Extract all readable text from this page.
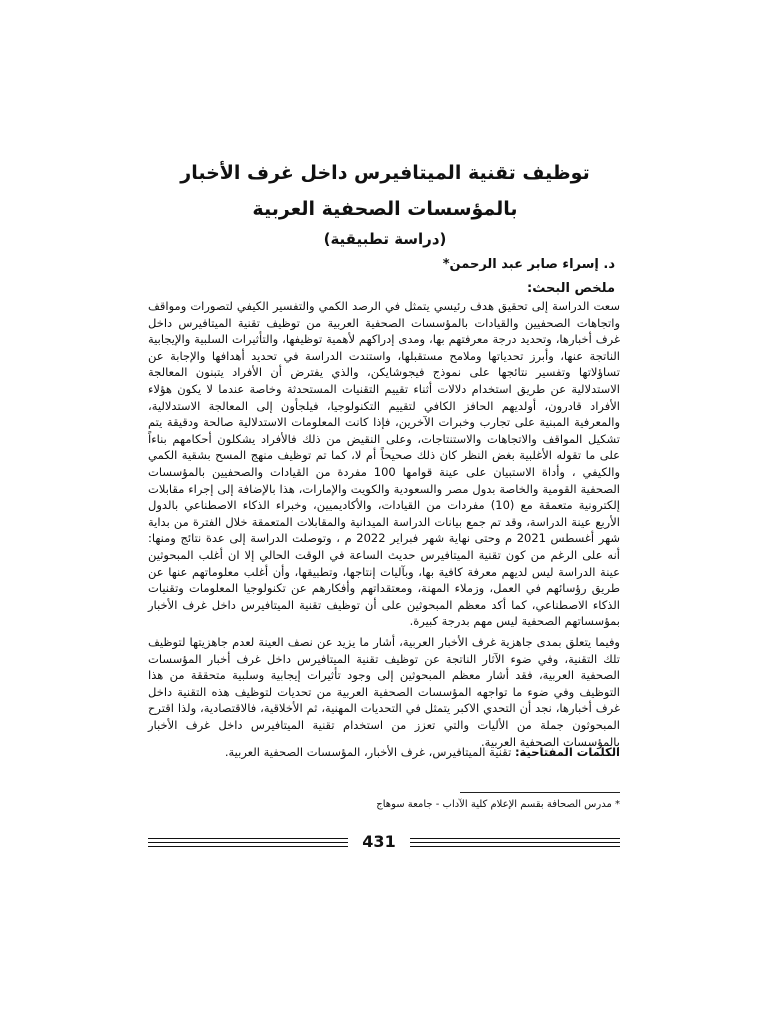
توظيف تقنية الميتافيرس داخل غرف الأخبار
بالمؤسسات الصحفية العربية
(دراسة تطبيقية)
د. إسراء صابر عبد الرحمن*
ملخص البحث:

سعت الدراسة إلى تحقيق هدف رئيسي يتمثل في الرصد الكمي والتفسير الكيفي لتصورات ومواقف واتجاهات الصحفيين والقيادات بالمؤسسات الصحفية العربية من توظيف تقنية الميتافيرس داخل غرف أخبارها، وتحديد درجة معرفتهم بها، ومدى إدراكهم لأهمية توظيفها، والتأثيرات السلبية والإيجابية الناتجة عنها، وأبرز تحدياتها وملامح مستقبلها، واستندت الدراسة في تحديد أهدافها والإجابة عن تساؤلاتها وتفسير نتائجها على نموذج فيجوشايكن، والذي يفترض أن الأفراد يتبنون المعالجة الاستدلالية عن طريق استخدام دلالات أثناء تقييم التقنيات المستحدثة وخاصة عندما لا يكون هؤلاء الأفراد قادرون، أولديهم الحافز الكافي لتقييم التكنولوجيا، فيلجأون إلى المعالجة الاستدلالية، والمعرفية المبنية على تجارب وخبرات الآخرين، فإذا كانت المعلومات الاستدلالية صالحة ودقيقة يتم تشكيل المواقف والاتجاهات والاستنتاجات، وعلى النقيض من ذلك فالأفراد يشكلون أحكامهم بناءاً على ما تقوله الأغلبية بغض النظر كان ذلك صحيحاً أم لا، كما تم توظيف منهج المسح بشقية الكمي والكيفي ، وأداة الاستبيان على عينة قوامها 100 مفردة من القيادات والصحفيين بالمؤسسات الصحفية القومية والخاصة بدول مصر والسعودية والكويت والإمارات، هذا بالإضافة إلى إجراء مقابلات إلكترونية متعمقة مع (10) مفردات من القيادات، والأكاديميين، وخبراء الذكاء الاصطناعي بالدول الأربع عينة الدراسة، وقد تم جمع بيانات الدراسة الميدانية والمقابلات المتعمقة خلال الفترة من بداية شهر أغسطس 2021 م وحتى نهاية شهر فبراير 2022 م ، وتوصلت الدراسة إلى عدة نتائج ومنها: أنه على الرغم من كون تقنية الميتافيرس حديث الساعة في الوقت الحالي إلا ان أغلب المبحوثين عينة الدراسة ليس لديهم معرفة كافية بها، وبآليات إنتاجها، وتطبيقها، وأن أغلب معلوماتهم عنها عن طريق رؤسائهم في العمل، وزملاء المهنة، ومعتقداتهم وأفكارهم عن تكنولوجيا المعلومات وتقنيات الذكاء الاصطناعي، كما أكد معظم المبحوثين على أن توظيف تقنية الميتافيرس داخل غرف الأخبار بمؤسساتهم الصحفية ليس مهم بدرجة كبيرة.

وفيما يتعلق بمدى جاهزية غرف الأخبار العربية، أشار ما يزيد عن نصف العينة لعدم جاهزيتها لتوظيف تلك التقنية، وفي ضوء الآثار الناتجة عن توظيف تقنية الميتافيرس داخل غرف أخبار المؤسسات الصحفية العربية، فقد أشار معظم المبحوثين إلى وجود تأثيرات إيجابية وسلبية متحققة من هذا التوظيف وفي ضوء ما تواجهه المؤسسات الصحفية العربية من تحديات لتوظيف هذه التقنية داخل غرف أخبارها، نجد أن التحدي الاكبر يتمثل في التحديات المهنية، ثم الأخلاقية، فالاقتصادية، ولذا اقترح المبحوثون جملة من الأليات والتي تعزز من استخدام تقنية الميتافيرس داخل غرف الأخبار بالمؤسسات الصحفية العربية.

الكلمات المفتاحية: تقنية الميتافيرس، غرف الأخبار، المؤسسات الصحفية العربية.

* مدرس الصحافة بقسم الإعلام كلية الآداب - جامعة سوهاج
431
